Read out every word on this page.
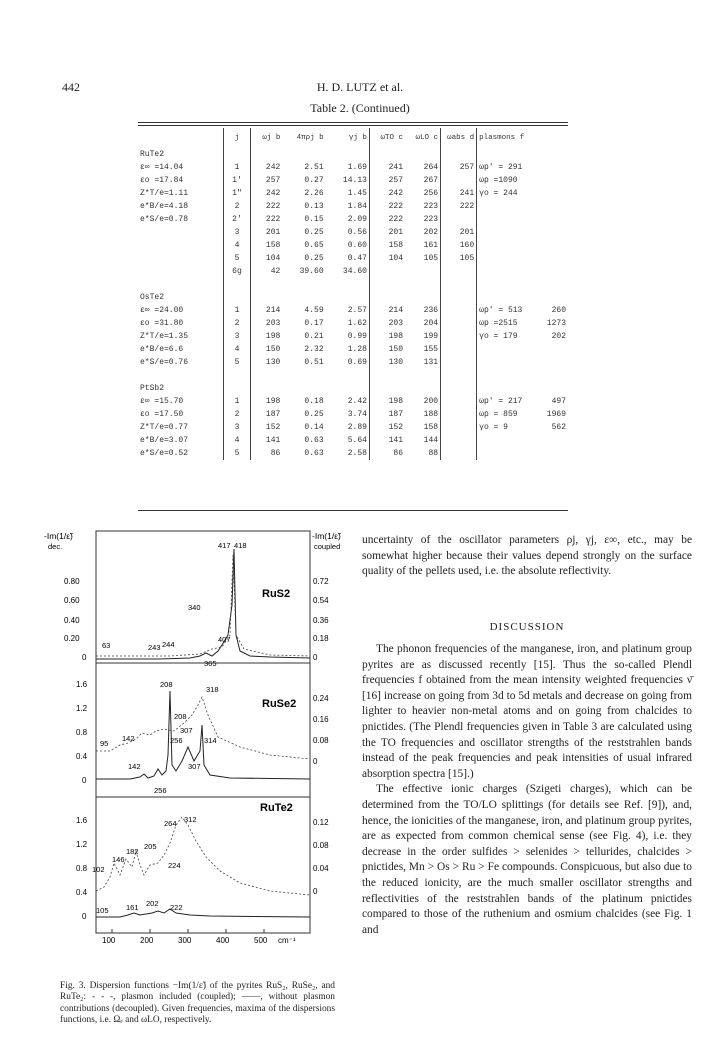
442	H. D. LUTZ et al.
Table 2. (Continued)
	j	ωj b	4πρj b	γj b	ωTO c	ωLO c	ωabs d	plasmons f	
RuTe2									
ε∞ =14.04	1	242	2.51	1.69	241	264	257	ωp' = 291	
εo =17.84	1'	257	0.27	14.13	257	267		ωp =1090	
Z*T/e=1.11	1"	242	2.26	1.45	242	256	241	γo = 244	
e*B/e=4.18	2	222	0.13	1.84	222	223	222		
e*S/e=0.78	2'	222	0.15	2.09	222	223			
	3	201	0.25	0.56	201	202	201		
	4	158	0.65	0.60	158	161	160		
	5	104	0.25	0.47	104	105	105		
	6g	42	39.60	34.60					

OsTe2									
ε∞ =24.00	1	214	4.59	2.57	214	236		ωp' = 513	260
εo =31.80	2	203	0.17	1.62	203	204		ωp =2515	1273
Z*T/e=1.35	3	198	0.21	0.99	198	199		γo = 179	202
e*B/e=6.6	4	150	2.32	1.28	150	155			
e*S/e=0.76	5	130	0.51	0.69	130	131			

PtSb2									
ε∞ =15.70	1	198	0.18	2.42	198	200		ωp' = 217	497
εo =17.50	2	187	0.25	3.74	187	188		ωp = 859	1969
Z*T/e=0.77	3	152	0.14	2.89	152	158		γo = 9	562
e*B/e=3.07	4	141	0.63	5.64	141	144			
e*S/e=0.52	5	86	0.63	2.58	86	88			
-Im(1/ε̃)
dec.
-Im(1/ε̃)
coupled
0.80
0.60
0.40
0.20
0
0.72
0.54
0.36
0.18
0
RuS2
417 418
340
407
63	243 244
365
1.6
1.2
0.8
0.4
0
0.24
0.16
0.08
0
RuSe2
208
318
208
307
256	314
95
142
142	307
256
1.6
1.2
0.8
0.4
0
0.12
0.08
0.04
0
RuTe2
264 312
182
205
146
224
102
105 161 202 222
100	200	300	400	500 cm⁻¹
Fig. 3. Dispersion functions −Im(1/ε̃) of the pyrites RuS₂, RuSe₂, and RuTe₂: - - -, plasmon included (coupled); ——, without plasmon contributions (decoupled). Given frequencies, maxima of the dispersions functions, i.e. Ωₑ and ωLO, respectively.

uncertainty of the oscillator parameters ρj, γj, ε∞, etc., may be somewhat higher because their values depend strongly on the surface quality of the pellets used, i.e. the absolute reflectivity.

DISCUSSION

The phonon frequencies of the manganese, iron, and platinum group pyrites are as discussed recently [15]. Thus the so-called Plendl frequencies f obtained from the mean intensity weighted frequencies ν̄ [16] increase on going from 3d to 5d metals and decrease on going from lighter to heavier non-metal atoms and on going from chalcides to pnictides. (The Plendl frequencies given in Table 3 are calculated using the TO frequencies and oscillator strengths of the reststrahlen bands instead of the peak frequencies and peak intensities of usual infrared absorption spectra [15].)

The effective ionic charges (Szigeti charges), which can be determined from the TO/LO splittings (for details see Ref. [9]), and, hence, the ionicities of the manganese, iron, and platinum group pyrites, are as expected from common chemical sense (see Fig. 4), i.e. they decrease in the order sulfides > selenides > tellurides, chalcides > pnictides, Mn > Os > Ru > Fe compounds. Conspicuous, but also due to the reduced ionicity, are the much smaller oscillator strengths and reflectivities of the reststrahlen bands of the platinum pnictides compared to those of the ruthenium and osmium chalcides (see Fig. 1 and
